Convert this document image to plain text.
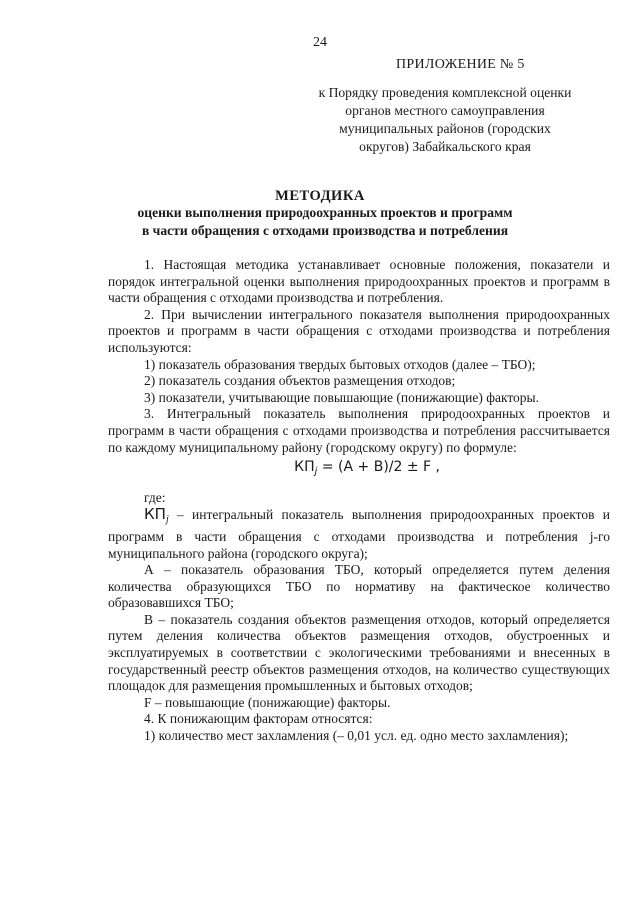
24
ПРИЛОЖЕНИЕ № 5
к Порядку проведения комплексной оценки
органов местного самоуправления
муниципальных районов (городских
округов) Забайкальского края
МЕТОДИКА
оценки выполнения природоохранных проектов и программ
в части обращения с отходами производства и потребления

1. Настоящая методика устанавливает основные положения, показатели и порядок интегральной оценки выполнения природоохранных проектов и программ в части обращения с отходами производства и потребления.

2. При вычислении интегрального показателя выполнения природоохранных проектов и программ в части обращения с отходами производства и потребления используются:

1) показатель образования твердых бытовых отходов (далее – ТБО);

2) показатель создания объектов размещения отходов;

3) показатели, учитывающие повышающие (понижающие) факторы.

3. Интегральный показатель выполнения природоохранных проектов и программ в части обращения с отходами производства и потребления рассчитывается по каждому муниципальному району (городскому округу) по формуле:

$КП_j = (A + B)/2 \pm F$ ,

где:

$КП_j$ – интегральный показатель выполнения природоохранных проектов и программ в части обращения с отходами производства и потребления j-го муниципального района (городского округа);

А – показатель образования ТБО, который определяется путем деления количества образующихся ТБО по нормативу на фактическое количество образовавшихся ТБО;

В – показатель создания объектов размещения отходов, который определяется путем деления количества объектов размещения отходов, обустроенных и эксплуатируемых в соответствии с экологическими требованиями и внесенных в государственный реестр объектов размещения отходов, на количество существующих площадок для размещения промышленных и бытовых отходов;

F – повышающие (понижающие) факторы.

4. К понижающим факторам относятся:

1) количество мест захламления (– 0,01 усл. ед. одно место захламления);
